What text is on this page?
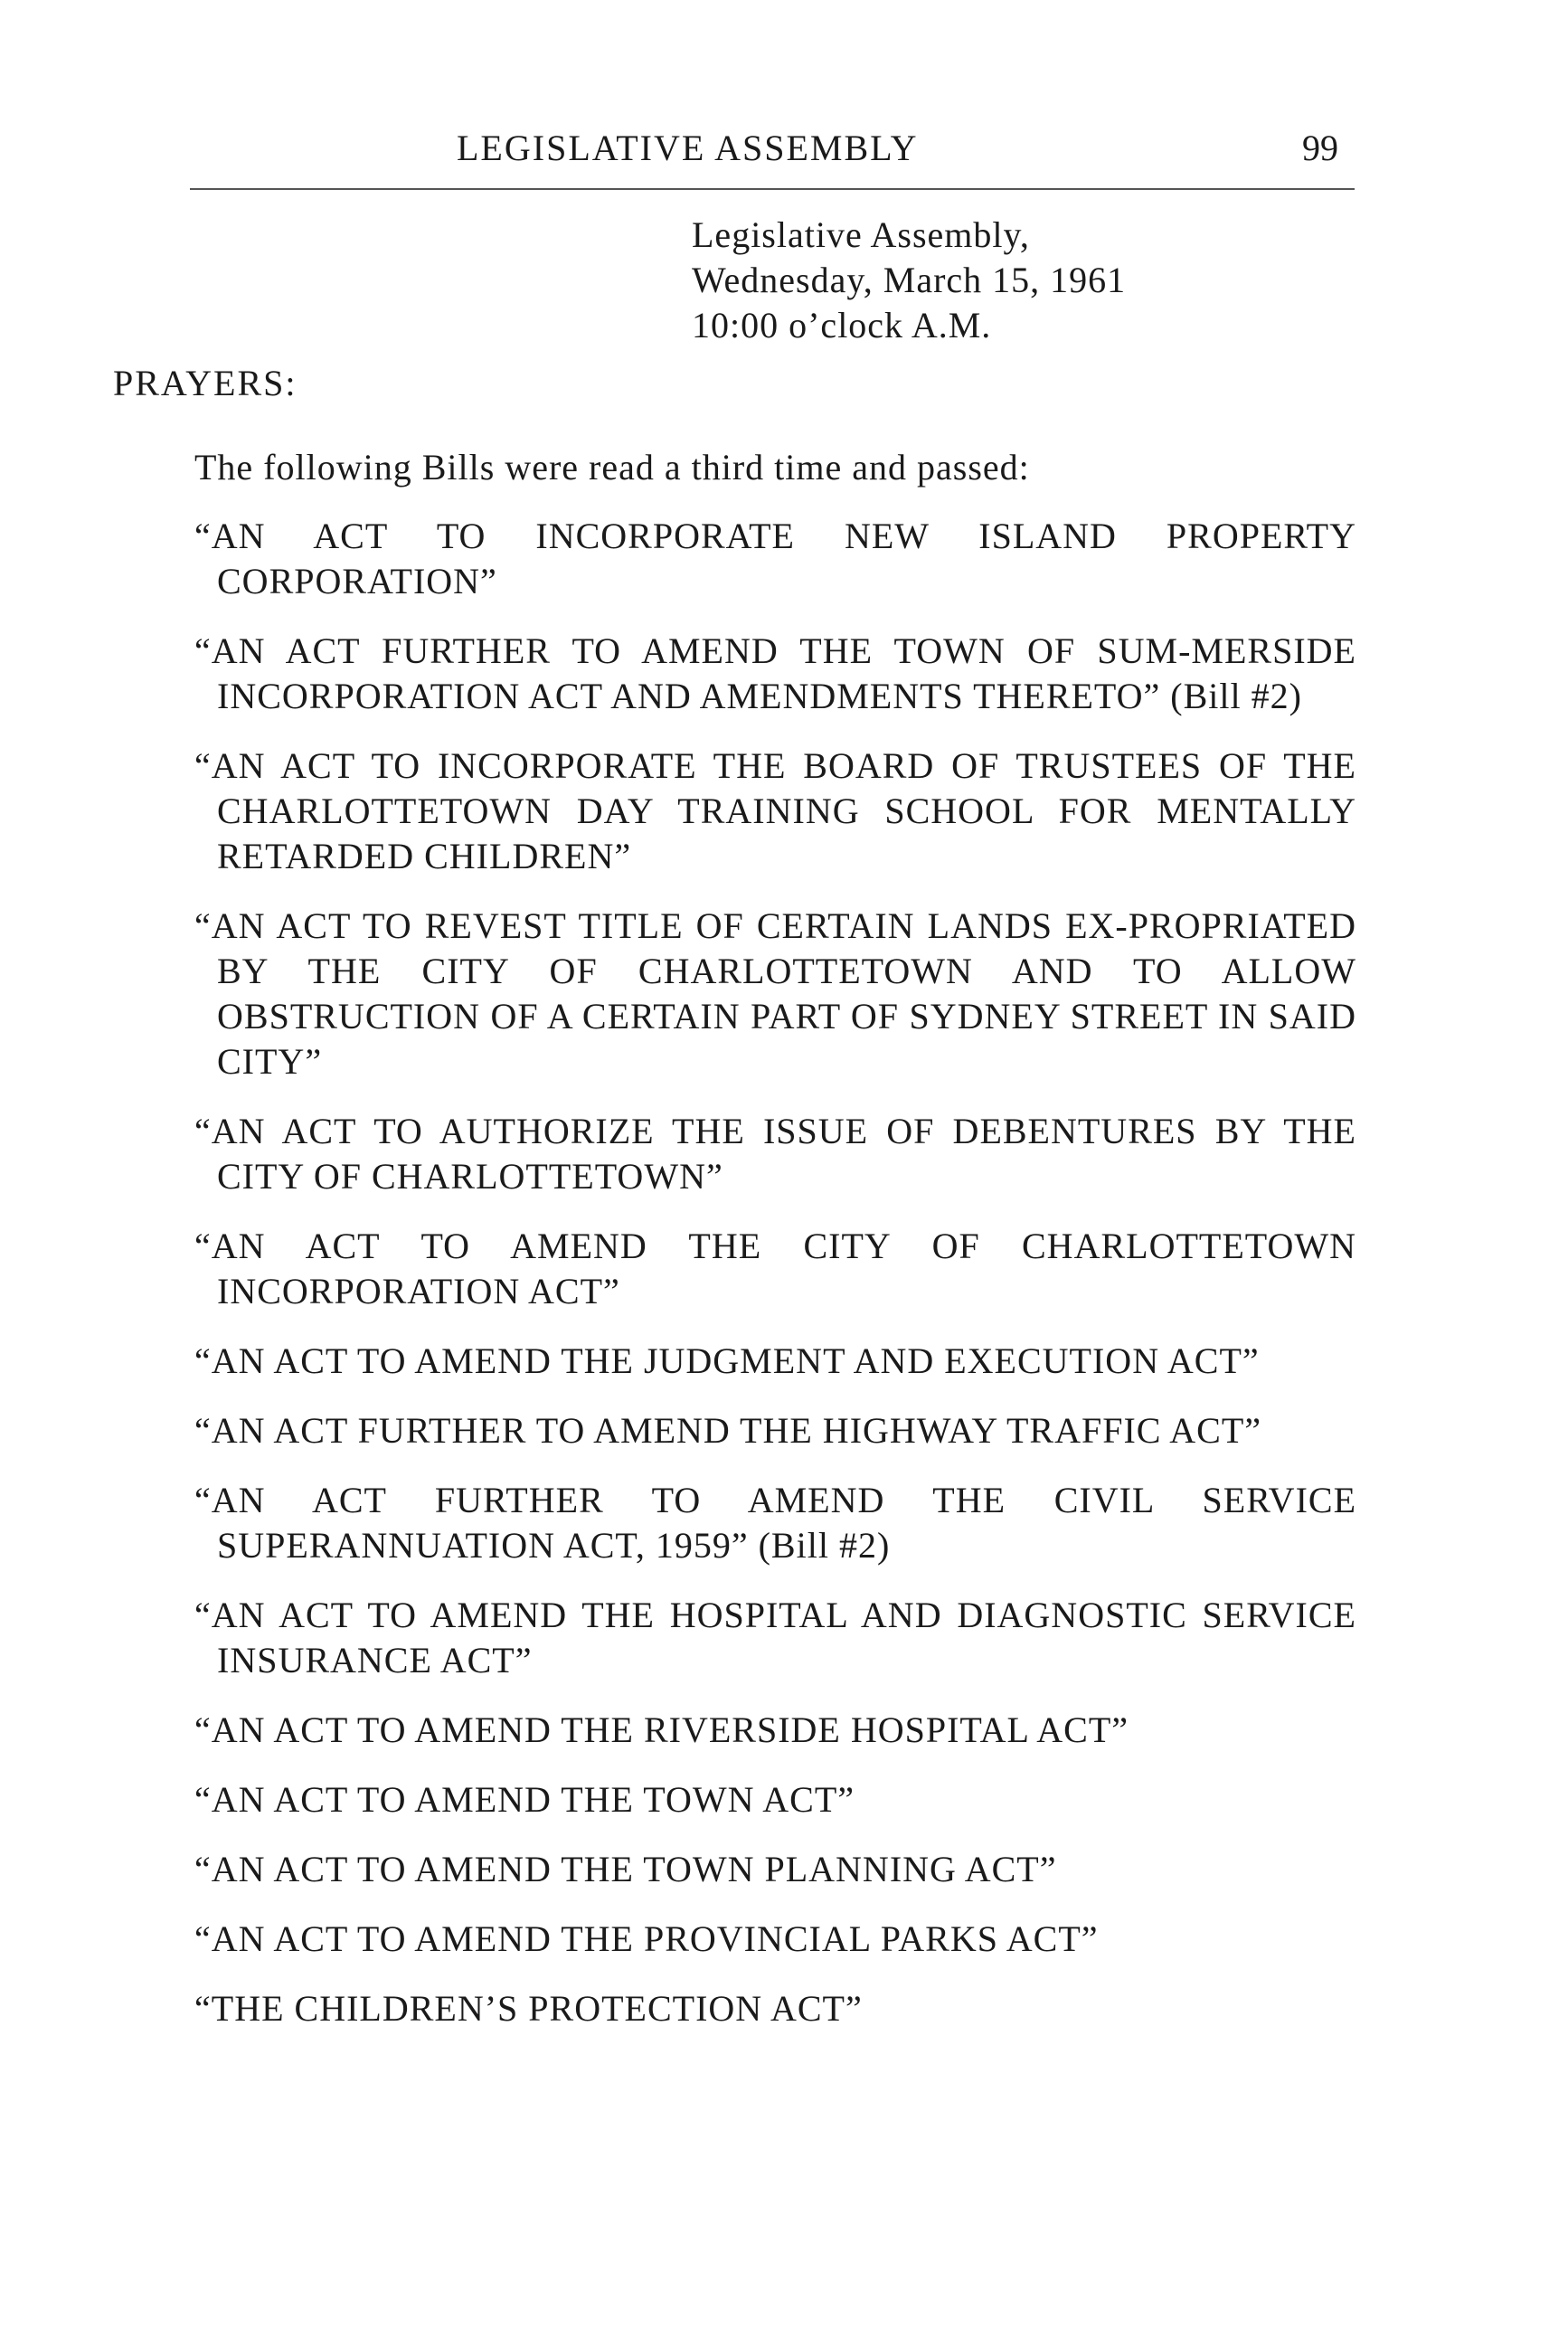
LEGISLATIVE ASSEMBLY	99
Legislative Assembly,
Wednesday, March 15, 1961
10:00 o’clock A.M.
PRAYERS:
The following Bills were read a third time and passed:
“AN ACT TO INCORPORATE NEW ISLAND PROPERTY CORPORATION”
“AN ACT FURTHER TO AMEND THE TOWN OF SUM-MERSIDE INCORPORATION ACT AND AMENDMENTS THERETO” (Bill #2)
“AN ACT TO INCORPORATE THE BOARD OF TRUSTEES OF THE CHARLOTTETOWN DAY TRAINING SCHOOL FOR MENTALLY RETARDED CHILDREN”
“AN ACT TO REVEST TITLE OF CERTAIN LANDS EX-PROPRIATED BY THE CITY OF CHARLOTTETOWN AND TO ALLOW OBSTRUCTION OF A CERTAIN PART OF SYDNEY STREET IN SAID CITY”
“AN ACT TO AUTHORIZE THE ISSUE OF DEBENTURES BY THE CITY OF CHARLOTTETOWN”
“AN ACT TO AMEND THE CITY OF CHARLOTTETOWN INCORPORATION ACT”
“AN ACT TO AMEND THE JUDGMENT AND EXECUTION ACT”
“AN ACT FURTHER TO AMEND THE HIGHWAY TRAFFIC ACT”
“AN ACT FURTHER TO AMEND THE CIVIL SERVICE SUPERANNUATION ACT, 1959” (Bill #2)
“AN ACT TO AMEND THE HOSPITAL AND DIAGNOSTIC SERVICE INSURANCE ACT”
“AN ACT TO AMEND THE RIVERSIDE HOSPITAL ACT”
“AN ACT TO AMEND THE TOWN ACT”
“AN ACT TO AMEND THE TOWN PLANNING ACT”
“AN ACT TO AMEND THE PROVINCIAL PARKS ACT”
“THE CHILDREN’S PROTECTION ACT”
